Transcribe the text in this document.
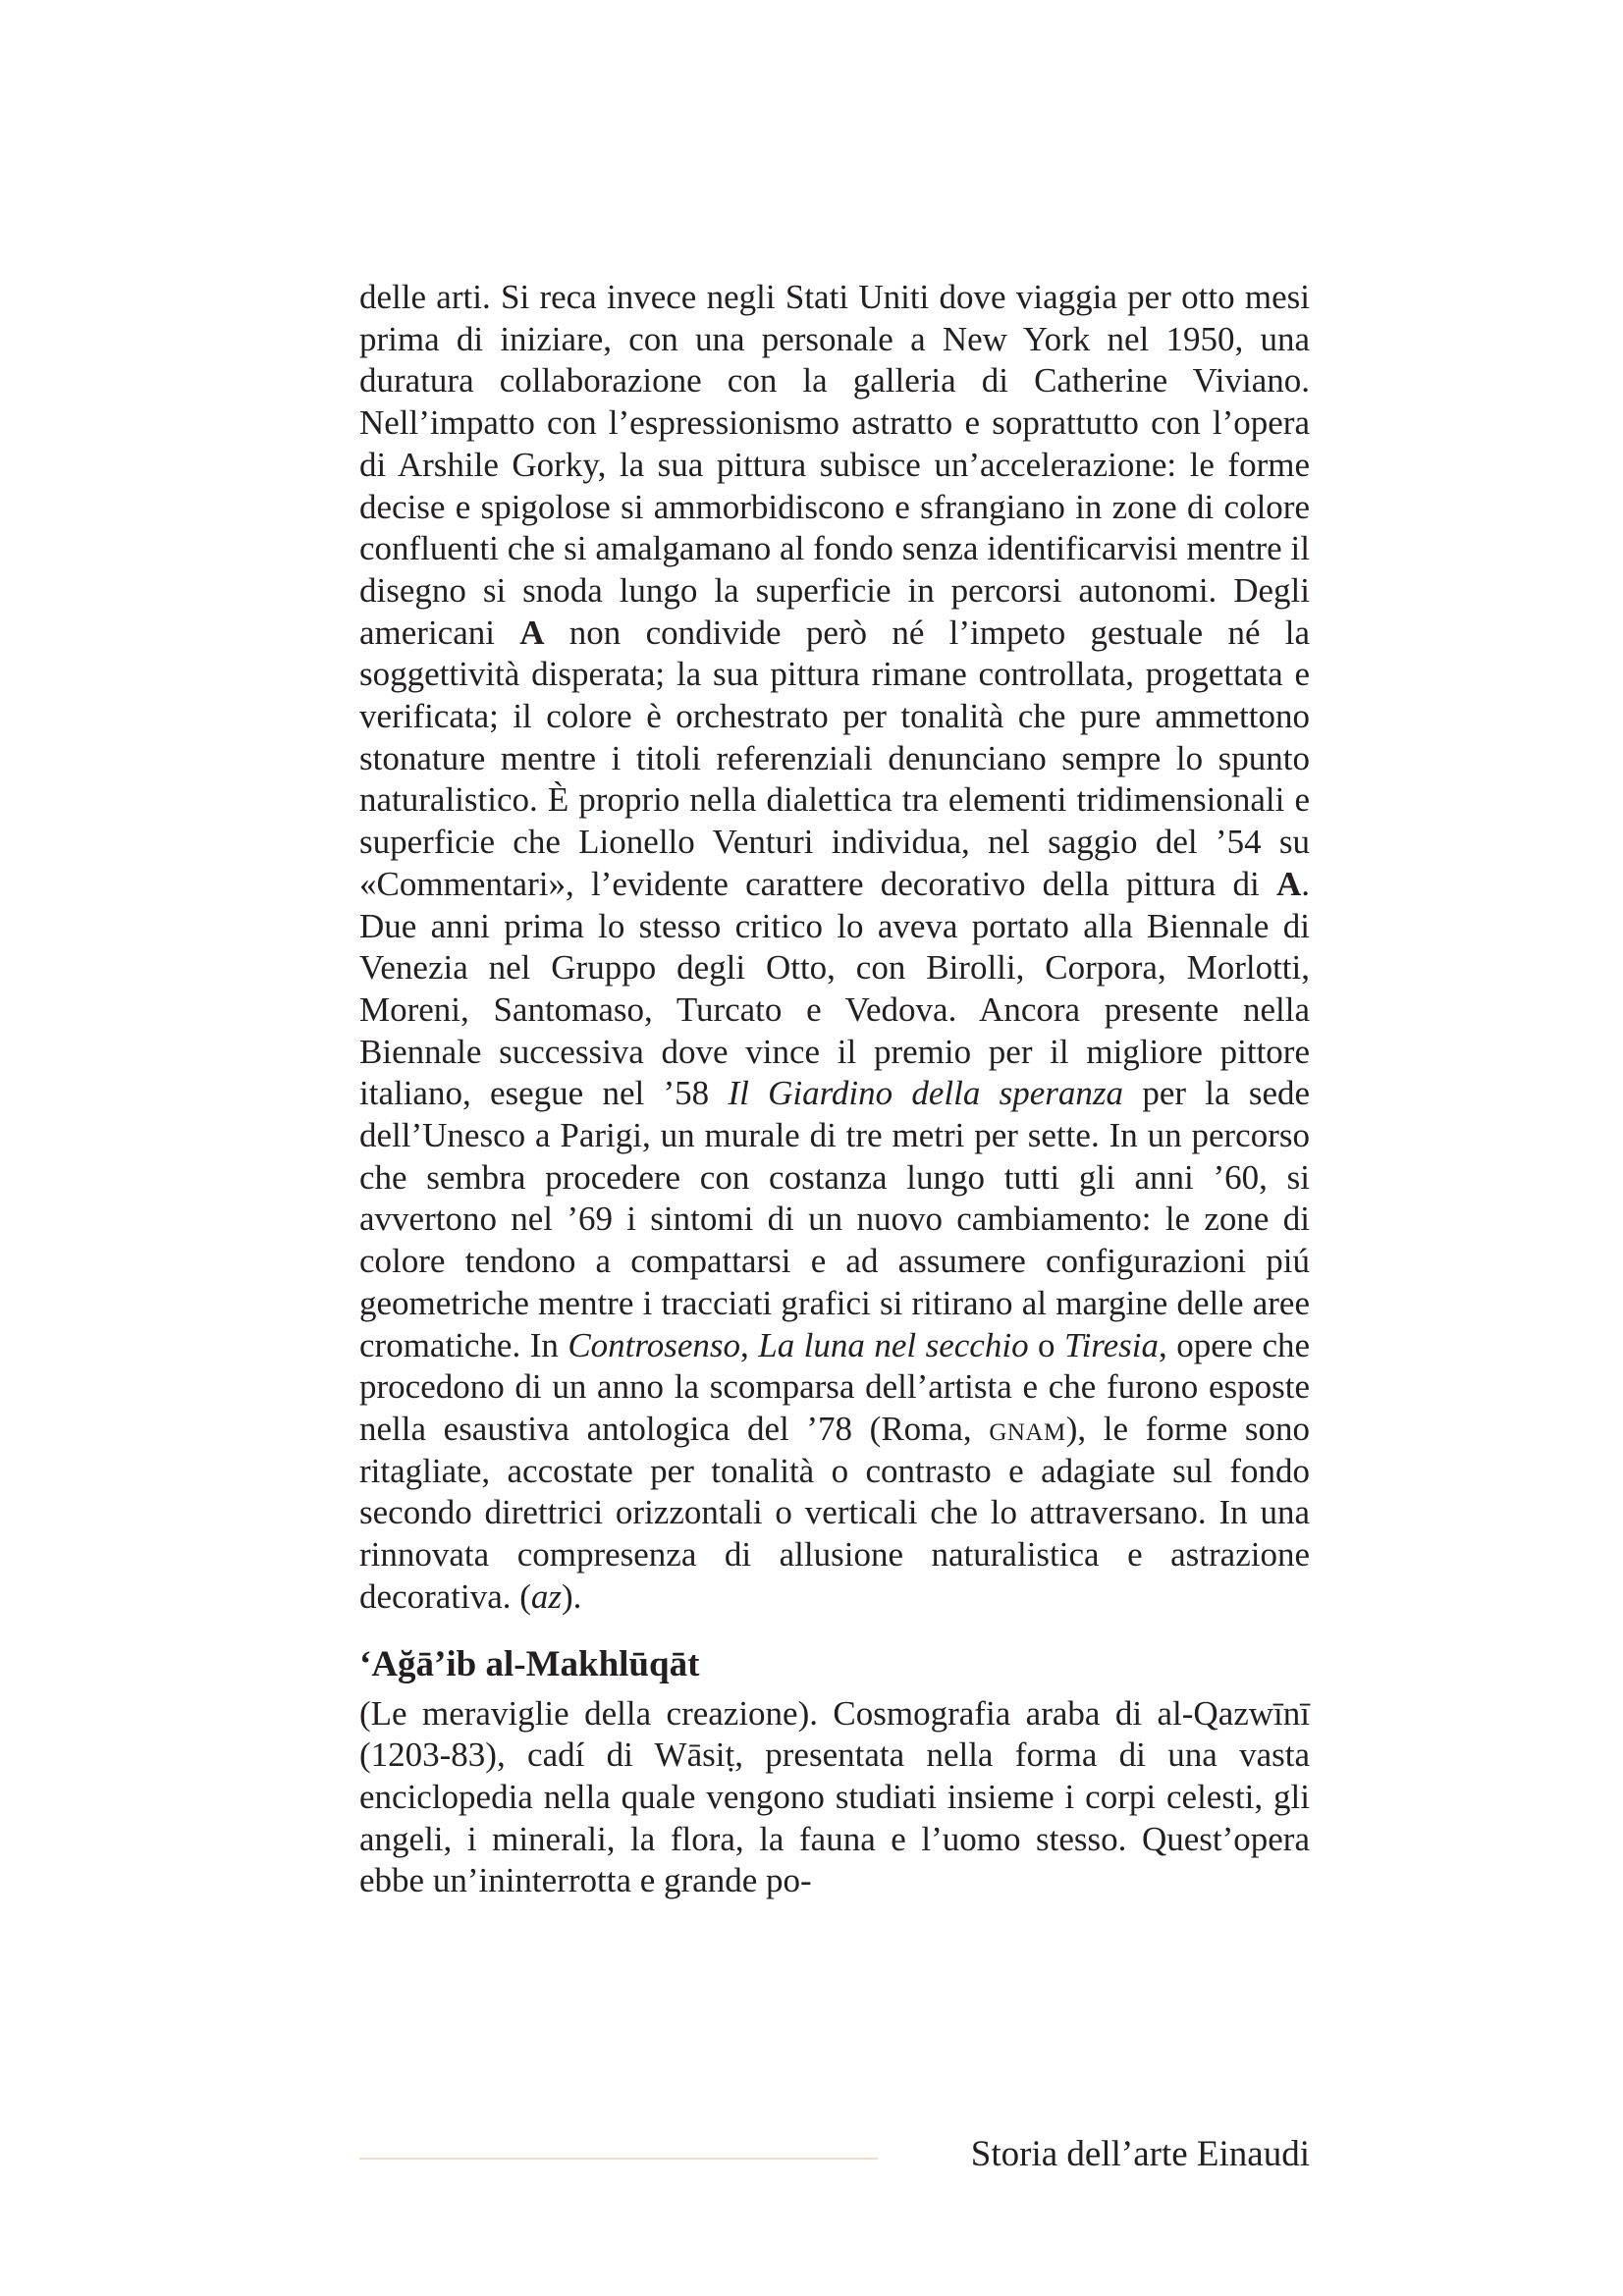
delle arti. Si reca invece negli Stati Uniti dove viaggia per otto mesi prima di iniziare, con una personale a New York nel 1950, una duratura collaborazione con la galleria di Catherine Viviano. Nell’impatto con l’espressionismo astratto e soprattutto con l’opera di Arshile Gorky, la sua pittura subisce un’accelerazione: le forme decise e spigolose si ammorbidiscono e sfrangiano in zone di colore confluenti che si amalgamano al fondo senza identificarvisi mentre il disegno si snoda lungo la superficie in percorsi autonomi. Degli americani A non condivide però né l’impeto gestuale né la soggettività disperata; la sua pittura rimane controllata, progettata e verificata; il colore è orchestrato per tonalità che pure ammettono stonature mentre i titoli referenziali denunciano sempre lo spunto naturalistico. È proprio nella dialettica tra elementi tridimensionali e superficie che Lionello Venturi individua, nel saggio del ’54 su «Commentari», l’evidente carattere decorativo della pittura di A. Due anni prima lo stesso critico lo aveva portato alla Biennale di Venezia nel Gruppo degli Otto, con Birolli, Corpora, Morlotti, Moreni, Santomaso, Turcato e Vedova. Ancora presente nella Biennale successiva dove vince il premio per il migliore pittore italiano, esegue nel ’58 Il Giardino della speranza per la sede dell’Unesco a Parigi, un murale di tre metri per sette. In un percorso che sembra procedere con costanza lungo tutti gli anni ’60, si avvertono nel ’69 i sintomi di un nuovo cambiamento: le zone di colore tendono a compattarsi e ad assumere configurazioni piú geometriche mentre i tracciati grafici si ritirano al margine delle aree cromatiche. In Controsenso, La luna nel secchio o Tiresia, opere che procedono di un anno la scomparsa dell’artista e che furono esposte nella esaustiva antologica del ’78 (Roma, gnam), le forme sono ritagliate, accostate per tonalità o contrasto e adagiate sul fondo secondo direttrici orizzontali o verticali che lo attraversano. In una rinnovata compresenza di allusione naturalistica e astrazione decorativa. (az).

‘Ağā’ib al-Makhlūqāt

(Le meraviglie della creazione). Cosmografia araba di al-Qazwīnī (1203-83), cadí di Wāsiṭ, presentata nella forma di una vasta enciclopedia nella quale vengono studiati insieme i corpi celesti, gli angeli, i minerali, la flora, la fauna e l’uomo stesso. Quest’opera ebbe un’ininterrotta e grande po-

Storia dell’arte Einaudi
